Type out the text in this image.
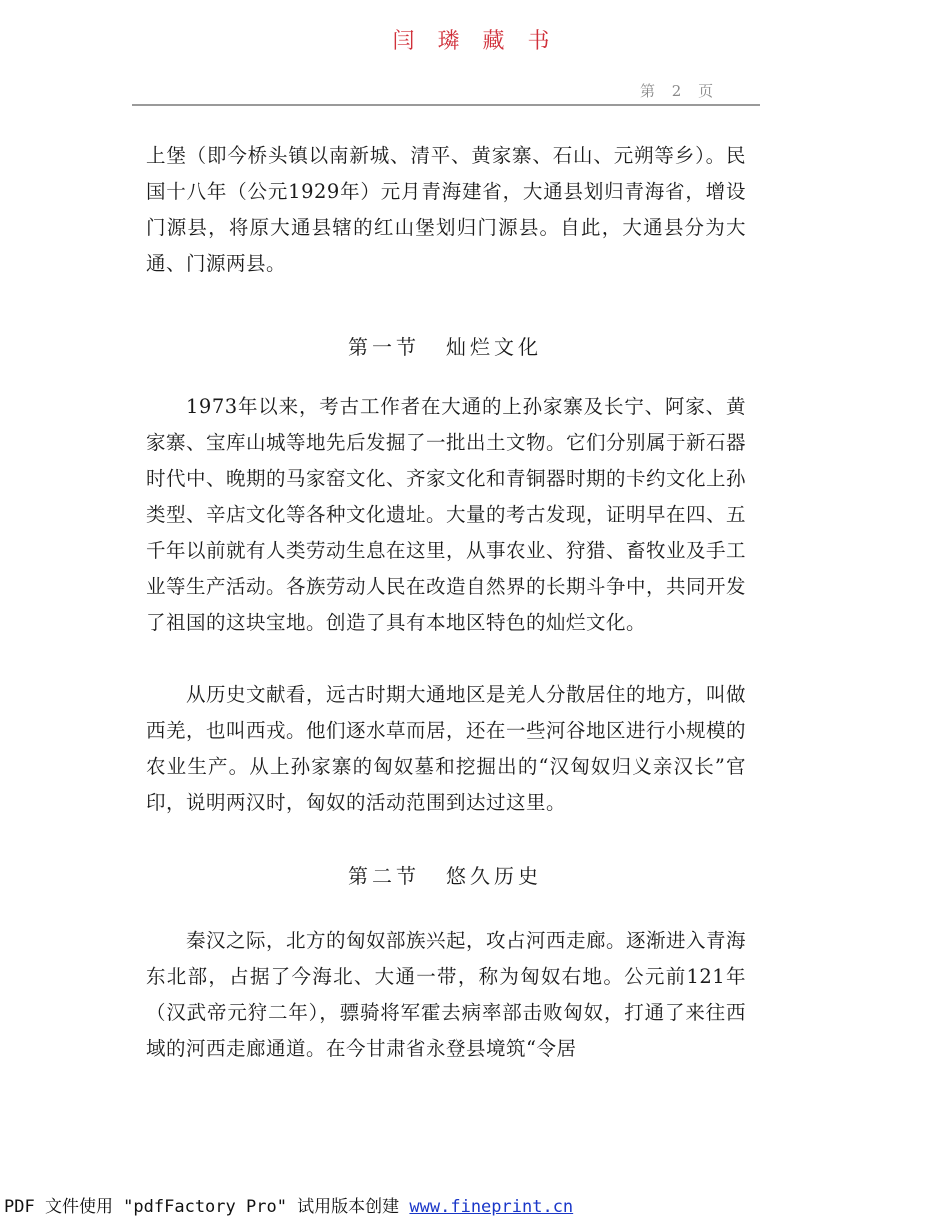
闫 璘 藏 书
第 2 页

上堡（即今桥头镇以南新城、清平、黄家寨、石山、元朔等乡）。民国十八年（公元1929年）元月青海建省，大通县划归青海省，增设门源县，将原大通县辖的红山堡划归门源县。自此，大通县分为大通、门源两县。

第一节 灿烂文化

1973年以来，考古工作者在大通的上孙家寨及长宁、阿家、黄家寨、宝库山城等地先后发掘了一批出土文物。它们分别属于新石器时代中、晚期的马家窑文化、齐家文化和青铜器时期的卡约文化上孙类型、辛店文化等各种文化遗址。大量的考古发现，证明早在四、五千年以前就有人类劳动生息在这里，从事农业、狩猎、畜牧业及手工业等生产活动。各族劳动人民在改造自然界的长期斗争中，共同开发了祖国的这块宝地。创造了具有本地区特色的灿烂文化。

从历史文献看，远古时期大通地区是羌人分散居住的地方，叫做西羌，也叫西戎。他们逐水草而居，还在一些河谷地区进行小规模的农业生产。从上孙家寨的匈奴墓和挖掘出的“汉匈奴归义亲汉长”官印，说明两汉时，匈奴的活动范围到达过这里。

第二节 悠久历史

秦汉之际，北方的匈奴部族兴起，攻占河西走廊。逐渐进入青海东北部，占据了今海北、大通一带，称为匈奴右地。公元前121年（汉武帝元狩二年），骠骑将军霍去病率部击败匈奴，打通了来往西域的河西走廊通道。在今甘肃省永登县境筑“令居

PDF 文件使用 "pdfFactory Pro" 试用版本创建 www.fineprint.cn
